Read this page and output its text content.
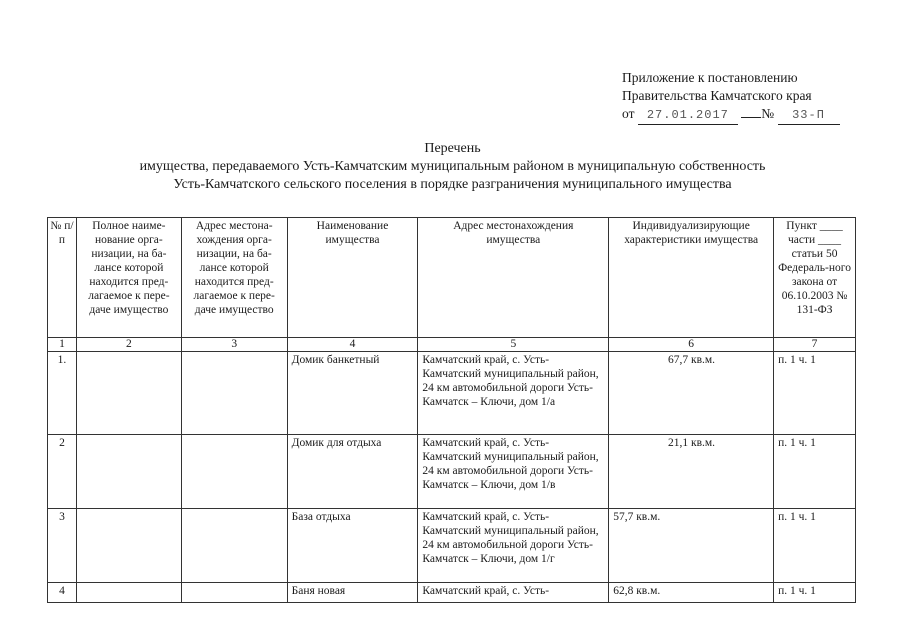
Приложение к постановлению
Правительства Камчатского края
от 27.01.2017 № 33-П
Перечень
имущества, передаваемого Усть-Камчатским муниципальным районом в муниципальную собственность
Усть-Камчатского сельского поселения в порядке разграничения муниципального имущества
№ п/п	Полное наиме-нование орга-низации, на ба-лансе которой находится пред-лагаемое к пере-даче имущество	Адрес местона-хождения орга-низации, на ба-лансе которой находится пред-лагаемое к пере-даче имущество	Наименование имущества	Адрес местонахождения имущества	Индивидуализирующие характеристики имущества	Пункт ____ части ____ статьи 50 Федераль-ного закона от 06.10.2003 № 131-ФЗ
1	2	3	4	5	6	7
1.			Домик банкетный	Камчатский край, с. Усть-Камчатский муниципальный район, 24 км автомобильной дороги Усть-Камчатск – Ключи, дом 1/а	67,7 кв.м.	п. 1 ч. 1
2			Домик для отдыха	Камчатский край, с. Усть-Камчатский муниципальный район, 24 км автомобильной дороги Усть-Камчатск – Ключи, дом 1/в	21,1 кв.м.	п. 1 ч. 1
3			База отдыха	Камчатский край, с. Усть-Камчатский муниципальный район, 24 км автомобильной дороги Усть-Камчатск – Ключи, дом 1/г	57,7 кв.м.	п. 1 ч. 1
4			Баня новая	Камчатский край, с. Усть-	62,8 кв.м.	п. 1 ч. 1
